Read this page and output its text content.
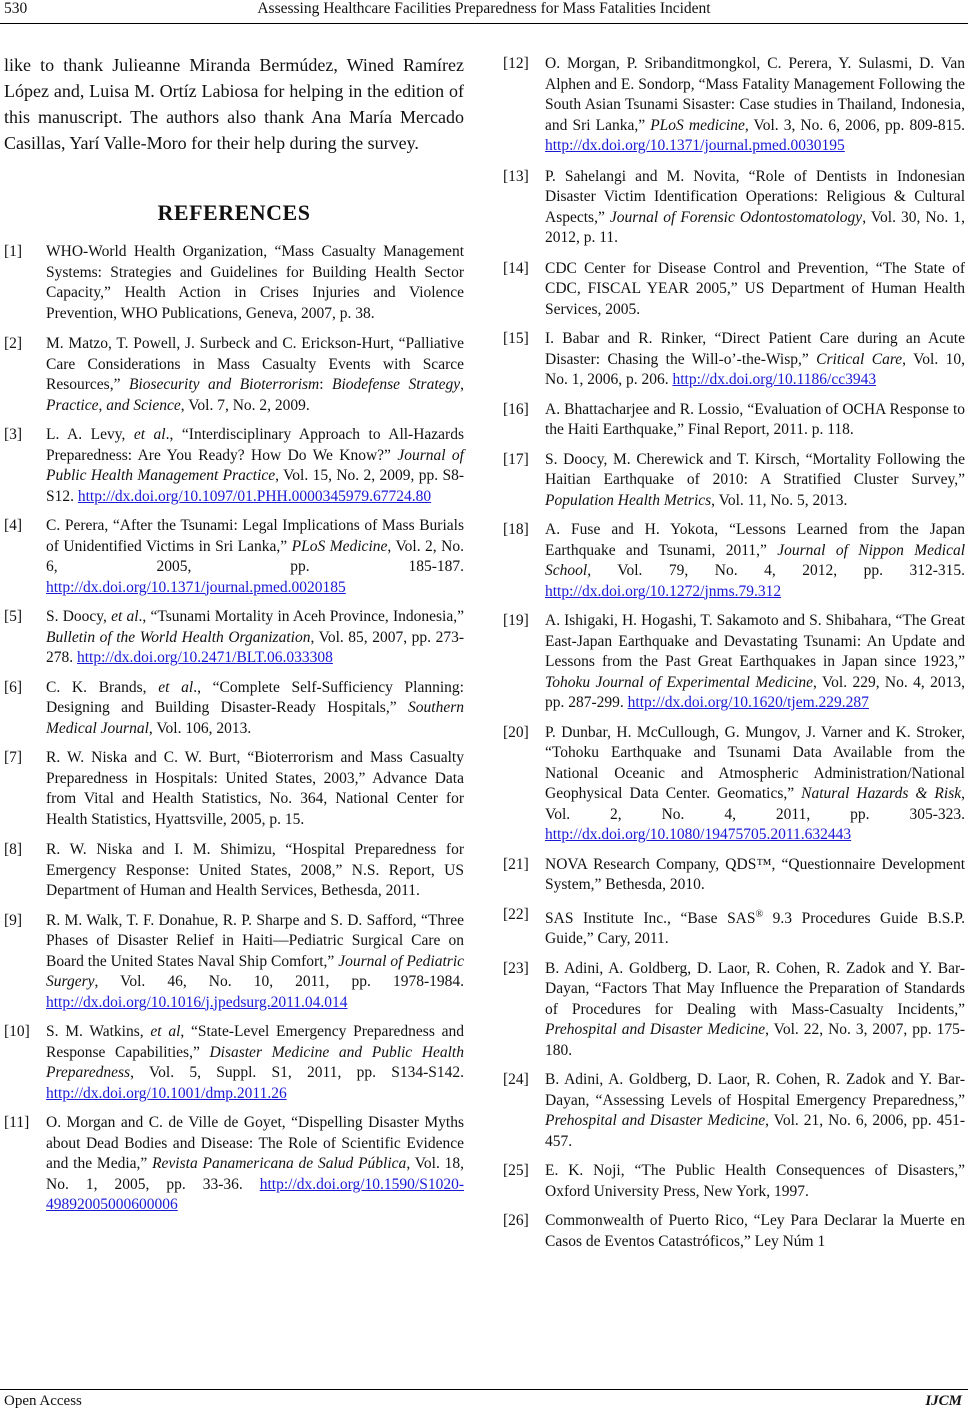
530	Assessing Healthcare Facilities Preparedness for Mass Fatalities Incident

like to thank Julieanne Miranda Bermúdez, Wined Ramírez López and, Luisa M. Ortíz Labiosa for helping in the edition of this manuscript. The authors also thank Ana María Mercado Casillas, Yarí Valle-Moro for their help during the survey.

REFERENCES
[1]	WHO-World Health Organization, “Mass Casualty Management Systems: Strategies and Guidelines for Building Health Sector Capacity,” Health Action in Crises Injuries and Violence Prevention, WHO Publications, Geneva, 2007, p. 38.
[2]	M. Matzo, T. Powell, J. Surbeck and C. Erickson-Hurt, “Palliative Care Considerations in Mass Casualty Events with Scarce Resources,” Biosecurity and Bioterrorism: Biodefense Strategy, Practice, and Science, Vol. 7, No. 2, 2009.
[3]	L. A. Levy, et al., “Interdisciplinary Approach to All-Hazards Preparedness: Are You Ready? How Do We Know?” Journal of Public Health Management Practice, Vol. 15, No. 2, 2009, pp. S8-S12. http://dx.doi.org/10.1097/01.PHH.0000345979.67724.80
[4]	C. Perera, “After the Tsunami: Legal Implications of Mass Burials of Unidentified Victims in Sri Lanka,” PLoS Medicine, Vol. 2, No. 6, 2005, pp. 185-187. http://dx.doi.org/10.1371/journal.pmed.0020185
[5]	S. Doocy, et al., “Tsunami Mortality in Aceh Province, Indonesia,” Bulletin of the World Health Organization, Vol. 85, 2007, pp. 273-278. http://dx.doi.org/10.2471/BLT.06.033308
[6]	C. K. Brands, et al., “Complete Self-Sufficiency Planning: Designing and Building Disaster-Ready Hospitals,” Southern Medical Journal, Vol. 106, 2013.
[7]	R. W. Niska and C. W. Burt, “Bioterrorism and Mass Casualty Preparedness in Hospitals: United States, 2003,” Advance Data from Vital and Health Statistics, No. 364, National Center for Health Statistics, Hyattsville, 2005, p. 15.
[8]	R. W. Niska and I. M. Shimizu, “Hospital Preparedness for Emergency Response: United States, 2008,” N.S. Report, US Department of Human and Health Services, Bethesda, 2011.
[9]	R. M. Walk, T. F. Donahue, R. P. Sharpe and S. D. Safford, “Three Phases of Disaster Relief in Haiti—Pediatric Surgical Care on Board the United States Naval Ship Comfort,” Journal of Pediatric Surgery, Vol. 46, No. 10, 2011, pp. 1978-1984. http://dx.doi.org/10.1016/j.jpedsurg.2011.04.014
[10]	S. M. Watkins, et al, “State-Level Emergency Preparedness and Response Capabilities,” Disaster Medicine and Public Health Preparedness, Vol. 5, Suppl. S1, 2011, pp. S134-S142. http://dx.doi.org/10.1001/dmp.2011.26
[11]	O. Morgan and C. de Ville de Goyet, “Dispelling Disaster Myths about Dead Bodies and Disease: The Role of Scientific Evidence and the Media,” Revista Panamericana de Salud Pública, Vol. 18, No. 1, 2005, pp. 33-36. http://dx.doi.org/10.1590/S1020-49892005000600006
[12]	O. Morgan, P. Sribanditmongkol, C. Perera, Y. Sulasmi, D. Van Alphen and E. Sondorp, “Mass Fatality Management Following the South Asian Tsunami Sisaster: Case studies in Thailand, Indonesia, and Sri Lanka,” PLoS medicine, Vol. 3, No. 6, 2006, pp. 809-815. http://dx.doi.org/10.1371/journal.pmed.0030195
[13]	P. Sahelangi and M. Novita, “Role of Dentists in Indonesian Disaster Victim Identification Operations: Religious & Cultural Aspects,” Journal of Forensic Odontostomatology, Vol. 30, No. 1, 2012, p. 11.
[14]	CDC Center for Disease Control and Prevention, “The State of CDC, FISCAL YEAR 2005,” US Department of Human Health Services, 2005.
[15]	I. Babar and R. Rinker, “Direct Patient Care during an Acute Disaster: Chasing the Will-o’-the-Wisp,” Critical Care, Vol. 10, No. 1, 2006, p. 206. http://dx.doi.org/10.1186/cc3943
[16]	A. Bhattacharjee and R. Lossio, “Evaluation of OCHA Response to the Haiti Earthquake,” Final Report, 2011. p. 118.
[17]	S. Doocy, M. Cherewick and T. Kirsch, “Mortality Following the Haitian Earthquake of 2010: A Stratified Cluster Survey,” Population Health Metrics, Vol. 11, No. 5, 2013.
[18]	A. Fuse and H. Yokota, “Lessons Learned from the Japan Earthquake and Tsunami, 2011,” Journal of Nippon Medical School, Vol. 79, No. 4, 2012, pp. 312-315. http://dx.doi.org/10.1272/jnms.79.312
[19]	A. Ishigaki, H. Hogashi, T. Sakamoto and S. Shibahara, “The Great East-Japan Earthquake and Devastating Tsunami: An Update and Lessons from the Past Great Earthquakes in Japan since 1923,” Tohoku Journal of Experimental Medicine, Vol. 229, No. 4, 2013, pp. 287-299. http://dx.doi.org/10.1620/tjem.229.287
[20]	P. Dunbar, H. McCullough, G. Mungov, J. Varner and K. Stroker, “Tohoku Earthquake and Tsunami Data Available from the National Oceanic and Atmospheric Administration/National Geophysical Data Center. Geomatics,” Natural Hazards & Risk, Vol. 2, No. 4, 2011, pp. 305-323. http://dx.doi.org/10.1080/19475705.2011.632443
[21]	NOVA Research Company, QDS™, “Questionnaire Development System,” Bethesda, 2010.
[22]	SAS Institute Inc., “Base SAS® 9.3 Procedures Guide B.S.P. Guide,” Cary, 2011.
[23]	B. Adini, A. Goldberg, D. Laor, R. Cohen, R. Zadok and Y. Bar-Dayan, “Factors That May Influence the Preparation of Standards of Procedures for Dealing with Mass-Casualty Incidents,” Prehospital and Disaster Medicine, Vol. 22, No. 3, 2007, pp. 175-180.
[24]	B. Adini, A. Goldberg, D. Laor, R. Cohen, R. Zadok and Y. Bar-Dayan, “Assessing Levels of Hospital Emergency Preparedness,” Prehospital and Disaster Medicine, Vol. 21, No. 6, 2006, pp. 451-457.
[25]	E. K. Noji, “The Public Health Consequences of Disasters,” Oxford University Press, New York, 1997.
[26]	Commonwealth of Puerto Rico, “Ley Para Declarar la Muerte en Casos de Eventos Catastróficos,” Ley Núm 1
Open Access	IJCM
